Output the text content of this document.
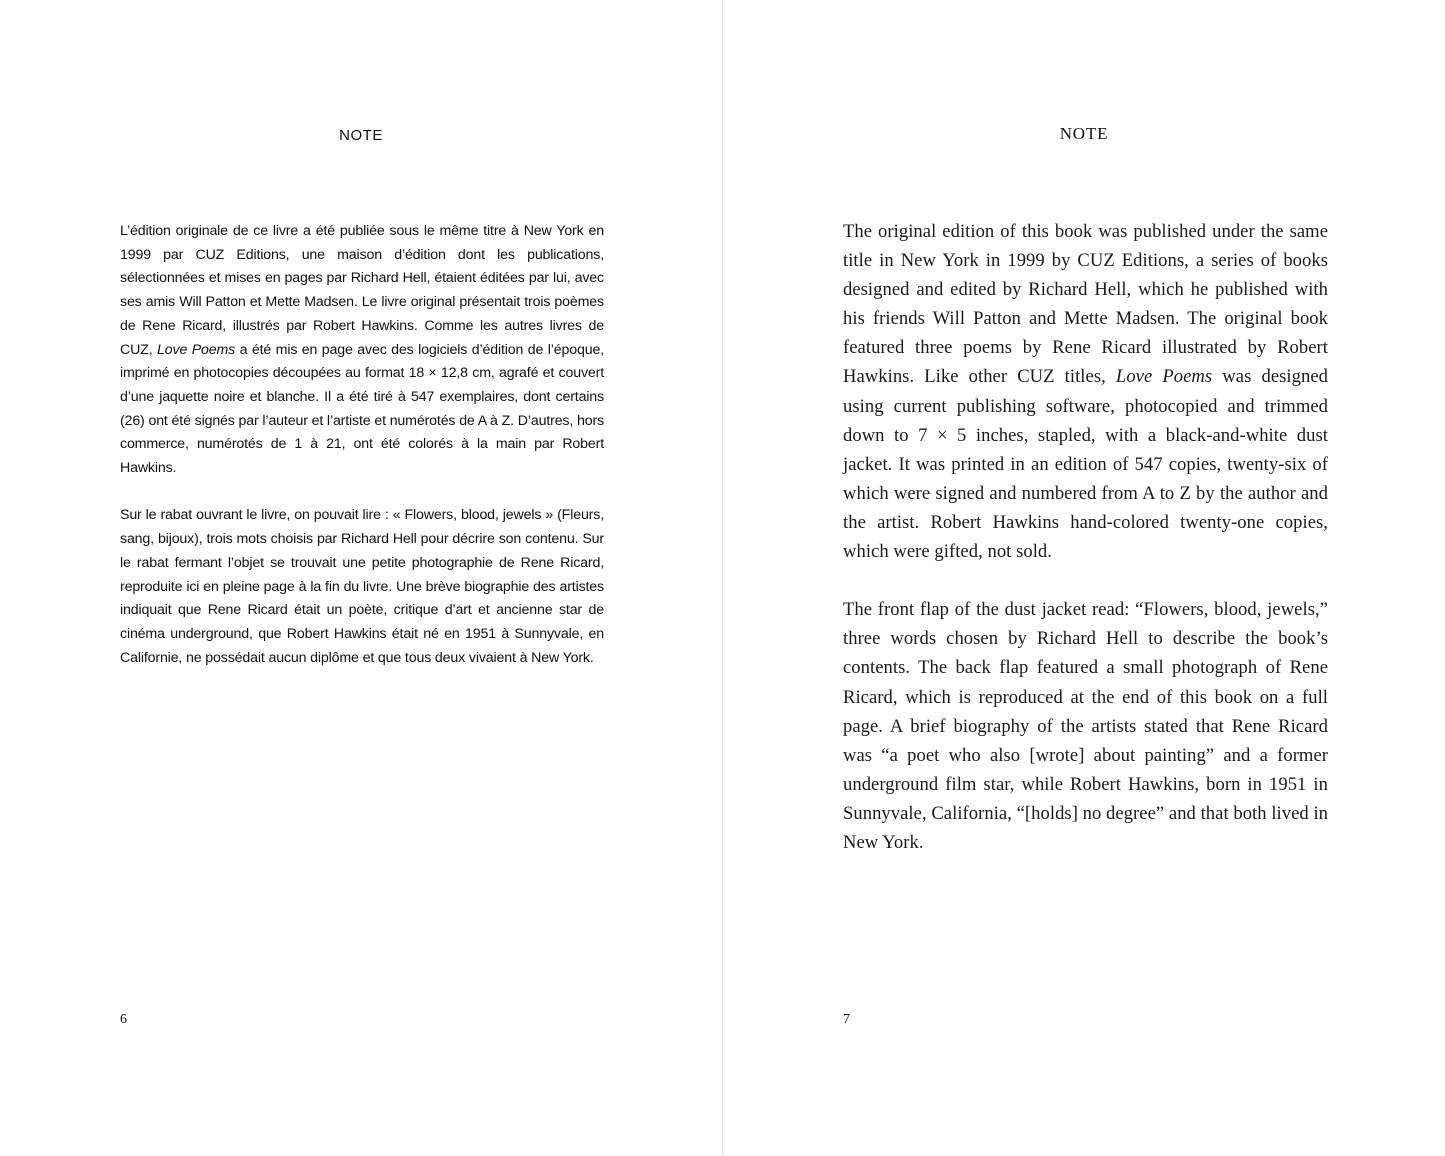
NOTE

L’édition originale de ce livre a été publiée sous le même titre à New York en 1999 par CUZ Editions, une maison d’édition dont les publications, sélectionnées et mises en pages par Richard Hell, étaient éditées par lui, avec ses amis Will Patton et Mette Madsen. Le livre original présentait trois poèmes de Rene Ricard, illustrés par Robert Hawkins. Comme les autres livres de CUZ, Love Poems a été mis en page avec des logiciels d’édition de l’époque, imprimé en photocopies découpées au format 18 × 12,8 cm, agrafé et couvert d’une jaquette noire et blanche. Il a été tiré à 547 exemplaires, dont certains (26) ont été signés par l’auteur et l’artiste et numérotés de A à Z. D’autres, hors commerce, numérotés de 1 à 21, ont été colorés à la main par Robert Hawkins.

Sur le rabat ouvrant le livre, on pouvait lire : « Flowers, blood, jewels » (Fleurs, sang, bijoux), trois mots choisis par Richard Hell pour décrire son contenu. Sur le rabat fermant l’objet se trouvait une petite photographie de Rene Ricard, reproduite ici en pleine page à la fin du livre. Une brève biographie des artistes indiquait que Rene Ricard était un poète, critique d’art et ancienne star de cinéma underground, que Robert Hawkins était né en 1951 à Sunnyvale, en Californie, ne possédait aucun diplôme et que tous deux vivaient à New York.

6
NOTE

The original edition of this book was published under the same title in New York in 1999 by CUZ Editions, a series of books designed and edited by Richard Hell, which he published with his friends Will Patton and Mette Madsen. The original book featured three poems by Rene Ricard illustrated by Robert Hawkins. Like other CUZ titles, Love Poems was designed using current publishing software, photocopied and trimmed down to 7 × 5 inches, stapled, with a black-and-white dust jacket. It was printed in an edition of 547 copies, twenty-six of which were signed and numbered from A to Z by the author and the artist. Robert Hawkins hand-colored twenty-one copies, which were gifted, not sold.

The front flap of the dust jacket read: “Flowers, blood, jewels,” three words chosen by Richard Hell to describe the book’s contents. The back flap featured a small photograph of Rene Ricard, which is reproduced at the end of this book on a full page. A brief biography of the artists stated that Rene Ricard was “a poet who also [wrote] about painting” and a former underground film star, while Robert Hawkins, born in 1951 in Sunnyvale, California, “[holds] no degree” and that both lived in New York.

7
